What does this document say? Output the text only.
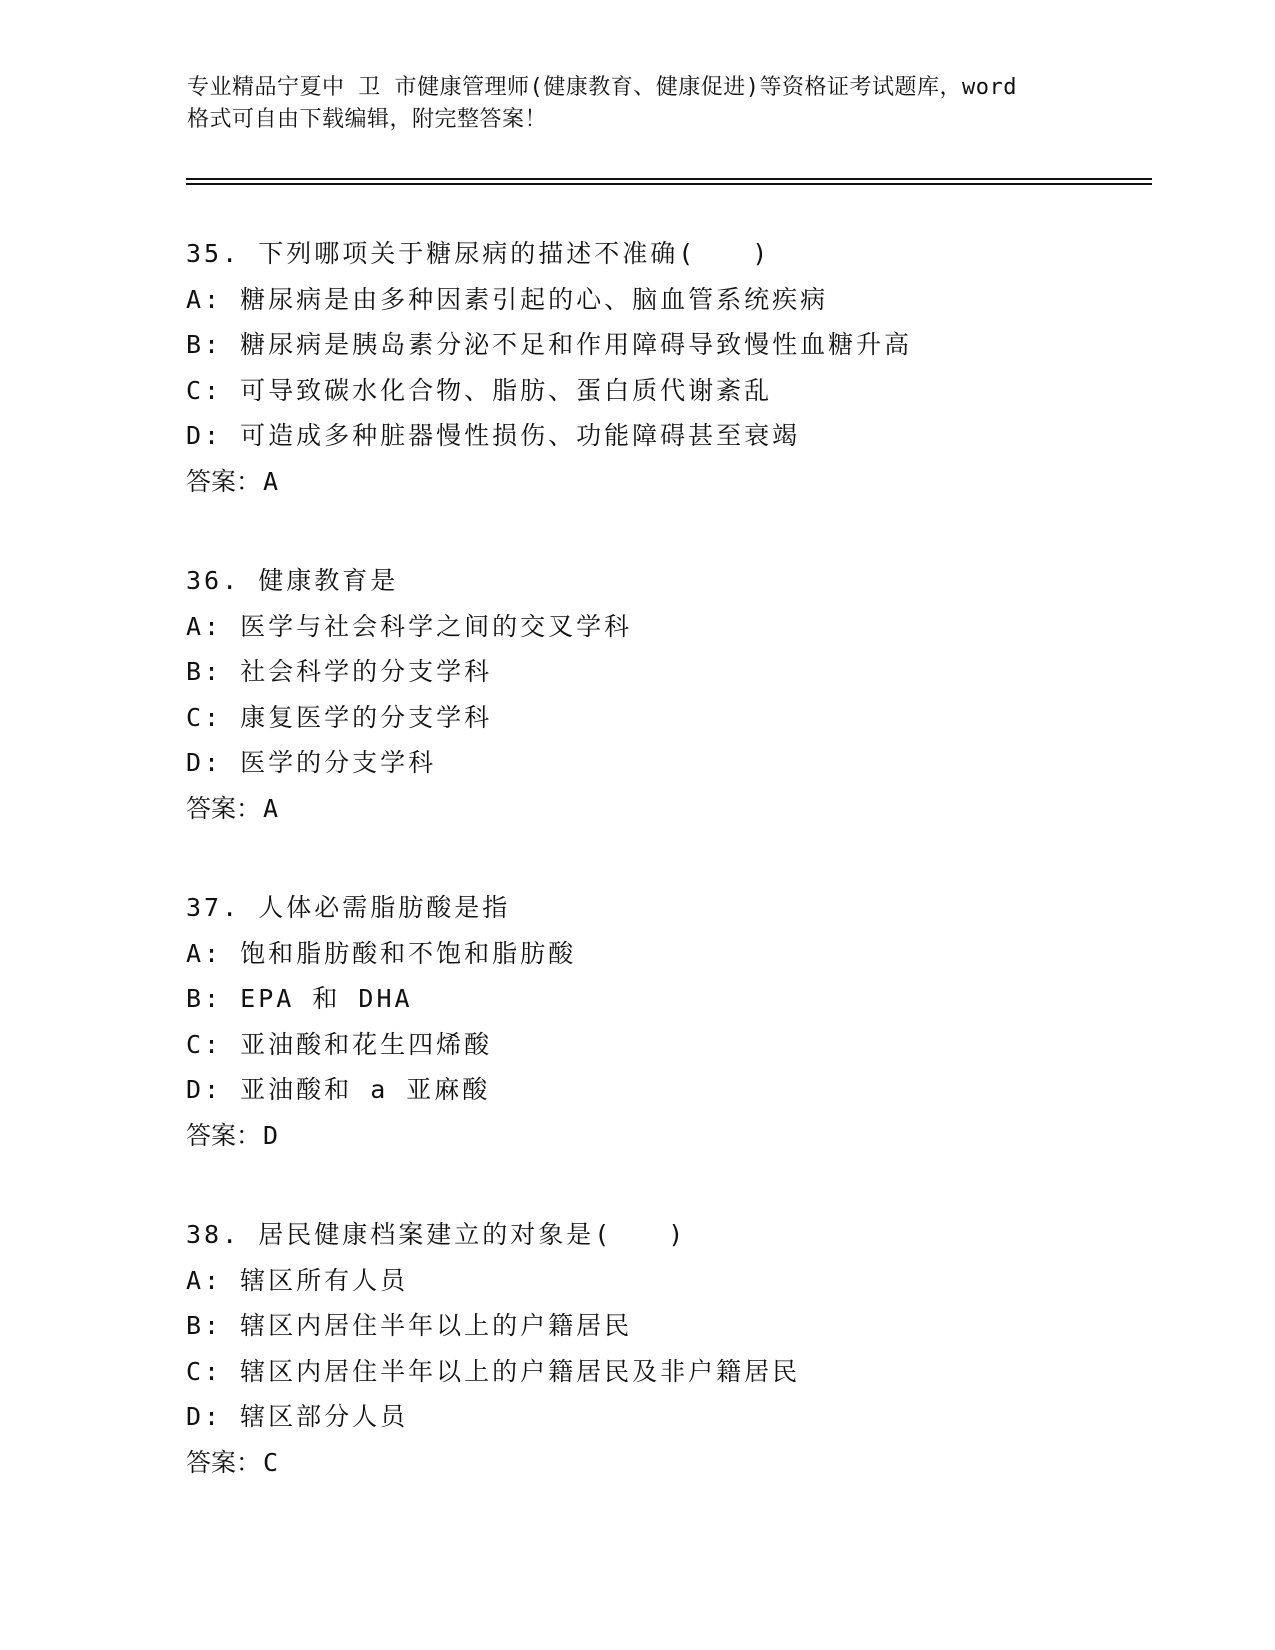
专业精品宁夏中 卫 市健康管理师(健康教育、健康促进)等资格证考试题库，word
格式可自由下载编辑，附完整答案！
35. 下列哪项关于糖尿病的描述不准确(　　)
A: 糖尿病是由多种因素引起的心、脑血管系统疾病
B: 糖尿病是胰岛素分泌不足和作用障碍导致慢性血糖升高
C: 可导致碳水化合物、脂肪、蛋白质代谢紊乱
D: 可造成多种脏器慢性损伤、功能障碍甚至衰竭
答案：A
36. 健康教育是
A: 医学与社会科学之间的交叉学科
B: 社会科学的分支学科
C: 康复医学的分支学科
D: 医学的分支学科
答案：A
37. 人体必需脂肪酸是指
A: 饱和脂肪酸和不饱和脂肪酸
B: EPA 和 DHA
C: 亚油酸和花生四烯酸
D: 亚油酸和 a 亚麻酸
答案：D
38. 居民健康档案建立的对象是(　　)
A: 辖区所有人员
B: 辖区内居住半年以上的户籍居民
C: 辖区内居住半年以上的户籍居民及非户籍居民
D: 辖区部分人员
答案：C
